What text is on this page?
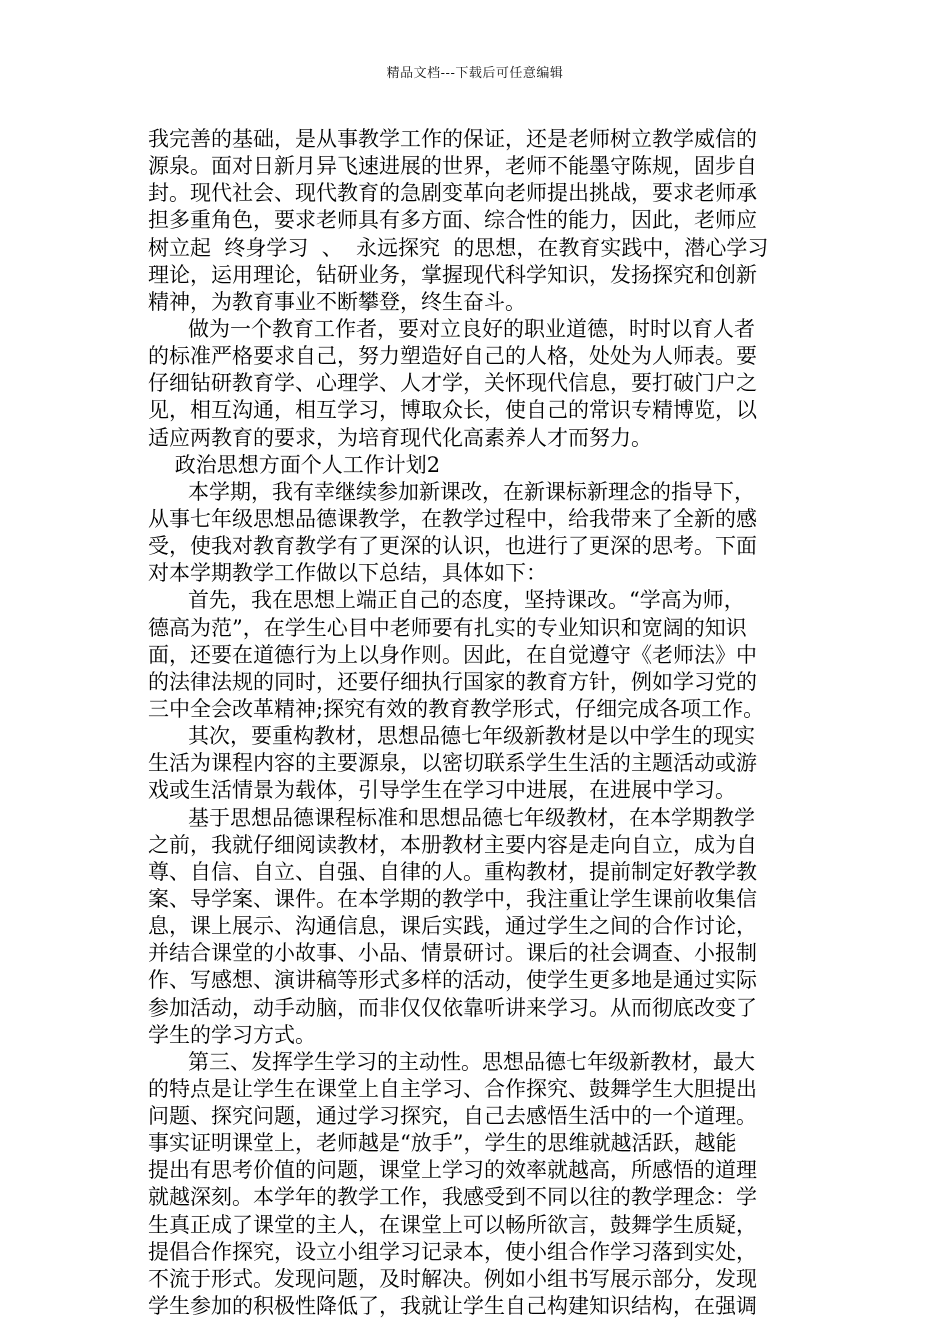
精品文档---下载后可任意编辑
我完善的基础，是从事教学工作的保证，还是老师树立教学威信的
源泉。面对日新月异飞速进展的世界，老师不能墨守陈规，固步自
封。现代社会、现代教育的急剧变革向老师提出挑战，要求老师承
担多重角色，要求老师具有多方面、综合性的能力，因此，老师应
树立起  终身学习  、  永远探究  的思想，在教育实践中，潜心学习
理论，运用理论，钻研业务，掌握现代科学知识，发扬探究和创新
精神，为教育事业不断攀登，终生奋斗。
做为一个教育工作者，要对立良好的职业道德，时时以育人者
的标准严格要求自己，努力塑造好自己的人格，处处为人师表。要
仔细钻研教育学、心理学、人才学，关怀现代信息，要打破门户之
见，相互沟通，相互学习，博取众长，使自己的常识专精博览，以
适应两教育的要求，为培育现代化高素养人才而努力。
政治思想方面个人工作计划2
本学期，我有幸继续参加新课改，在新课标新理念的指导下，
从事七年级思想品德课教学，在教学过程中，给我带来了全新的感
受，使我对教育教学有了更深的认识，也进行了更深的思考。下面
对本学期教学工作做以下总结，具体如下：
首先，我在思想上端正自己的态度，坚持课改。“学高为师，
德高为范”，在学生心目中老师要有扎实的专业知识和宽阔的知识
面，还要在道德行为上以身作则。因此，在自觉遵守《老师法》中
的法律法规的同时，还要仔细执行国家的教育方针，例如学习党的
三中全会改革精神;探究有效的教育教学形式，仔细完成各项工作。
其次，要重构教材，思想品德七年级新教材是以中学生的现实
生活为课程内容的主要源泉，以密切联系学生生活的主题活动或游
戏或生活情景为载体，引导学生在学习中进展，在进展中学习。
基于思想品德课程标准和思想品德七年级教材，在本学期教学
之前，我就仔细阅读教材，本册教材主要内容是走向自立，成为自
尊、自信、自立、自强、自律的人。重构教材，提前制定好教学教
案、导学案、课件。在本学期的教学中，我注重让学生课前收集信
息，课上展示、沟通信息，课后实践，通过学生之间的合作讨论，
并结合课堂的小故事、小品、情景研讨。课后的社会调查、小报制
作、写感想、演讲稿等形式多样的活动，使学生更多地是通过实际
参加活动，动手动脑，而非仅仅依靠听讲来学习。从而彻底改变了
学生的学习方式。
第三、发挥学生学习的主动性。思想品德七年级新教材，最大
的特点是让学生在课堂上自主学习、合作探究、鼓舞学生大胆提出
问题、探究问题，通过学习探究，自己去感悟生活中的一个道理。
事实证明课堂上，老师越是“放手”，学生的思维就越活跃，越能
提出有思考价值的问题，课堂上学习的效率就越高，所感悟的道理
就越深刻。本学年的教学工作，我感受到不同以往的教学理念：学
生真正成了课堂的主人，在课堂上可以畅所欲言，鼓舞学生质疑，
提倡合作探究，设立小组学习记录本，使小组合作学习落到实处，
不流于形式。发现问题，及时解决。例如小组书写展示部分，发现
学生参加的积极性降低了，我就让学生自己构建知识结构，在强调
